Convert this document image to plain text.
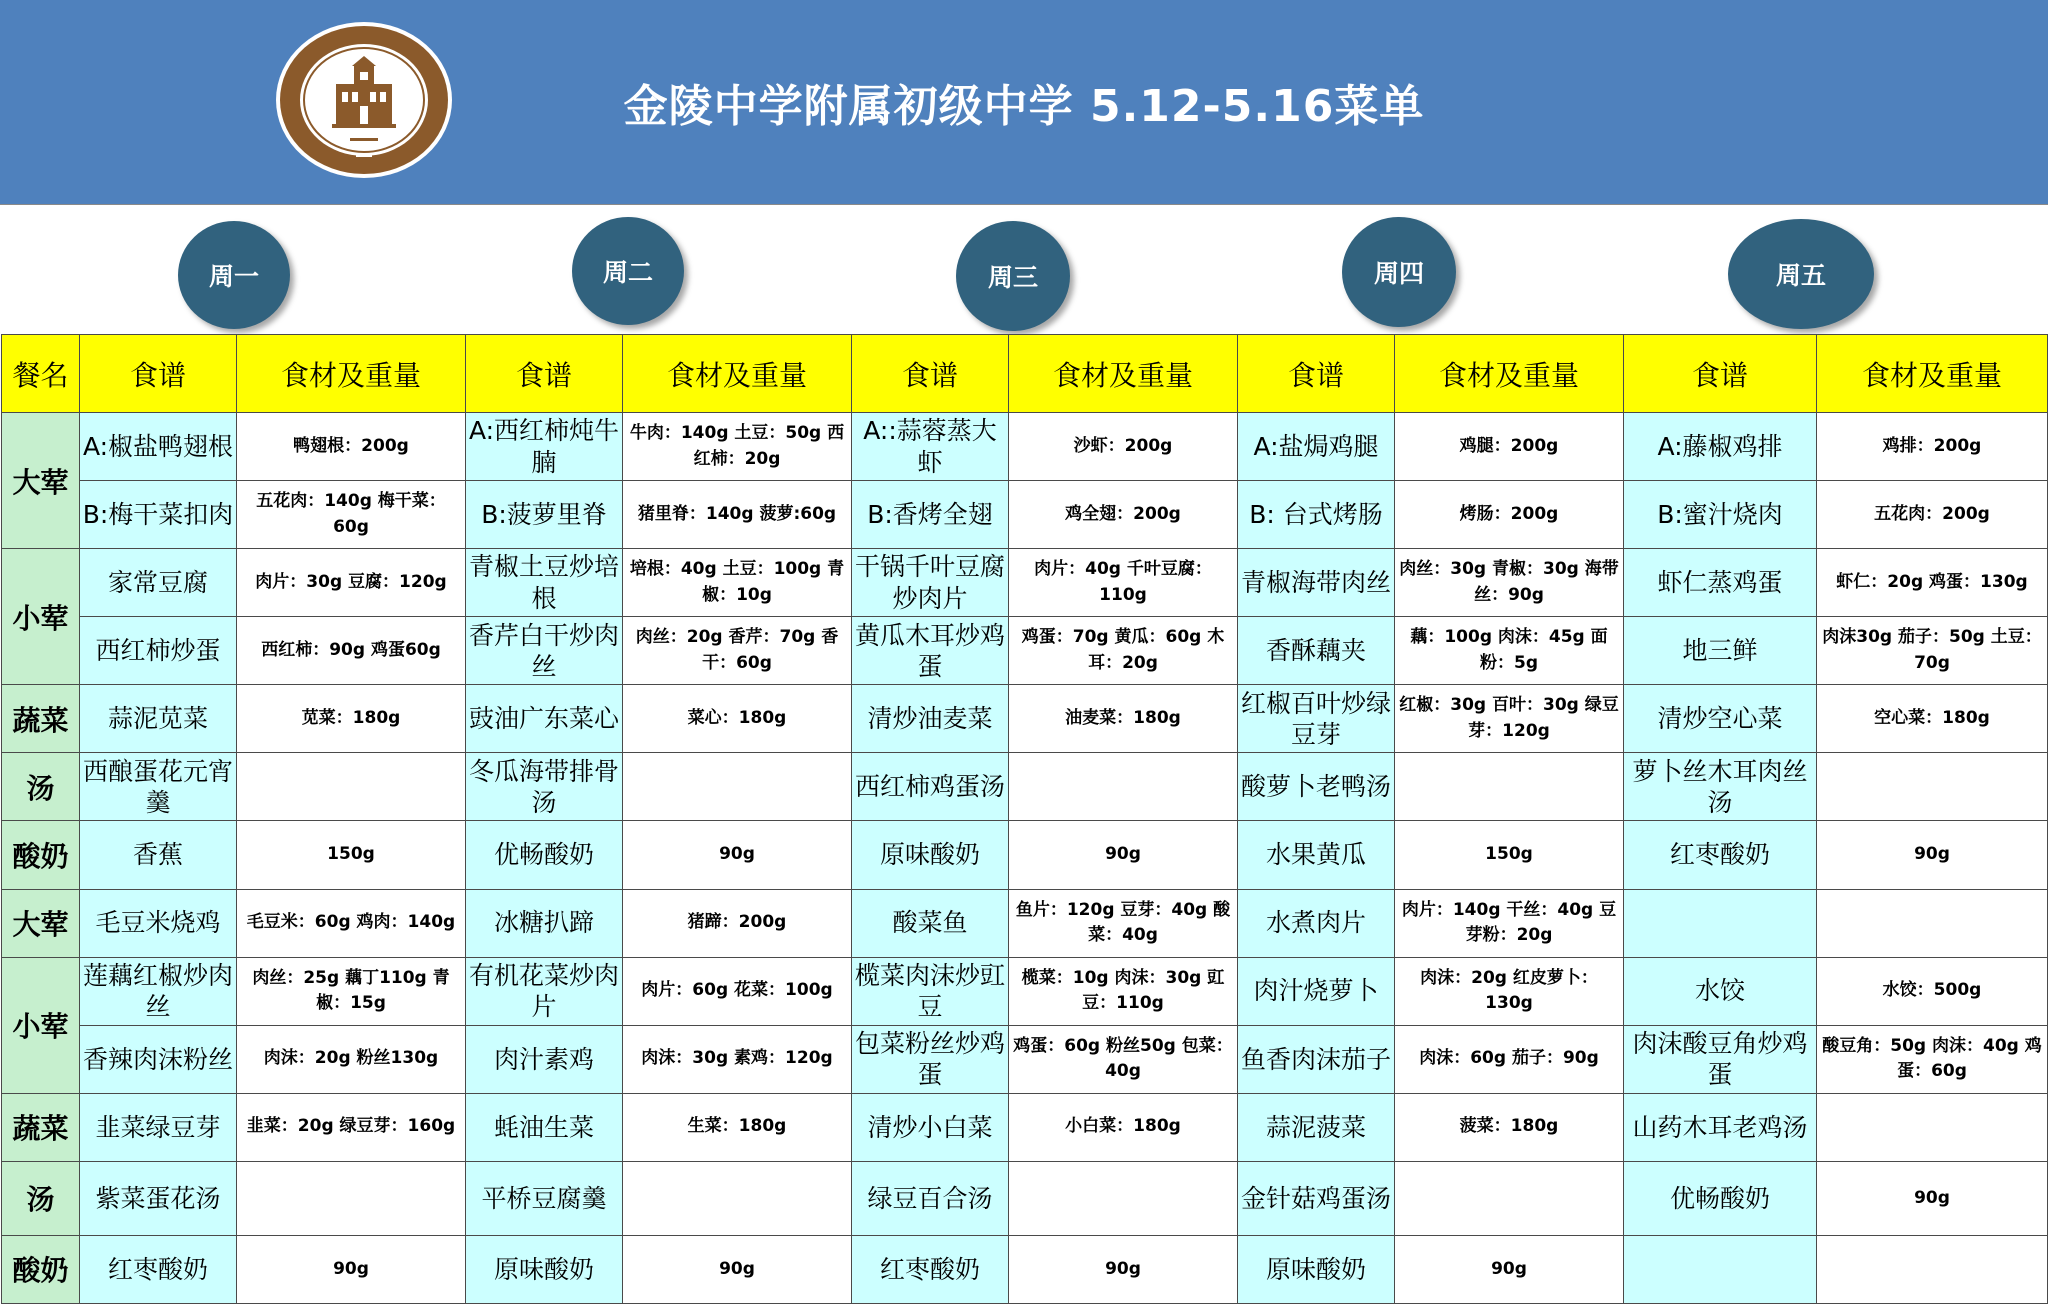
金陵中学附属初级中学 5.12-5.16菜单
周一	周二	周三	周四	周五
餐名	食谱	食材及重量	食谱	食材及重量	食谱	食材及重量	食谱	食材及重量	食谱	食材及重量
大荤	A:椒盐鸭翅根	鸭翅根：200g	A:西红柿炖牛腩	牛肉：140g 土豆：50g 西红柿：20g	A::蒜蓉蒸大虾	沙虾：200g	A:盐焗鸡腿	鸡腿：200g	A:藤椒鸡排	鸡排：200g
	B:梅干菜扣肉	五花肉：140g 梅干菜：60g	B:菠萝里脊	猪里脊：140g 菠萝:60g	B:香烤全翅	鸡全翅：200g	B: 台式烤肠	烤肠：200g	B:蜜汁烧肉	五花肉：200g
小荤	家常豆腐	肉片：30g 豆腐：120g	青椒土豆炒培根	培根：40g 土豆：100g 青椒：10g	干锅千叶豆腐炒肉片	肉片：40g 千叶豆腐：110g	青椒海带肉丝	肉丝：30g 青椒：30g 海带丝：90g	虾仁蒸鸡蛋	虾仁：20g 鸡蛋：130g
	西红柿炒蛋	西红柿：90g 鸡蛋60g	香芹白干炒肉丝	肉丝：20g 香芹：70g 香干：60g	黄瓜木耳炒鸡蛋	鸡蛋：70g 黄瓜：60g 木耳：20g	香酥藕夹	藕：100g 肉沫：45g 面粉：5g	地三鲜	肉沫30g 茄子：50g 土豆：70g
蔬菜	蒜泥苋菜	苋菜：180g	豉油广东菜心	菜心：180g	清炒油麦菜	油麦菜：180g	红椒百叶炒绿豆芽	红椒：30g 百叶：30g 绿豆芽：120g	清炒空心菜	空心菜：180g
汤	西酿蛋花元宵羹		冬瓜海带排骨汤		西红柿鸡蛋汤		酸萝卜老鸭汤		萝卜丝木耳肉丝汤	
酸奶	香蕉	150g	优畅酸奶	90g	原味酸奶	90g	水果黄瓜	150g	红枣酸奶	90g
大荤	毛豆米烧鸡	毛豆米：60g 鸡肉：140g	冰糖扒蹄	猪蹄：200g	酸菜鱼	鱼片：120g 豆芽：40g 酸菜：40g	水煮肉片	肉片：140g 干丝：40g 豆芽粉：20g		
小荤	莲藕红椒炒肉丝	肉丝：25g 藕丁110g 青椒：15g	有机花菜炒肉片	肉片：60g 花菜：100g	榄菜肉沫炒豇豆	榄菜：10g 肉沫：30g 豇豆：110g	肉汁烧萝卜	肉沫：20g 红皮萝卜：130g	水饺	水饺：500g
	香辣肉沫粉丝	肉沫：20g 粉丝130g	肉汁素鸡	肉沫：30g 素鸡：120g	包菜粉丝炒鸡蛋	鸡蛋：60g 粉丝50g 包菜：40g	鱼香肉沫茄子	肉沫：60g 茄子：90g	肉沫酸豆角炒鸡蛋	酸豆角：50g 肉沫：40g 鸡蛋：60g
蔬菜	韭菜绿豆芽	韭菜：20g 绿豆芽：160g	蚝油生菜	生菜：180g	清炒小白菜	小白菜：180g	蒜泥菠菜	菠菜：180g	山药木耳老鸡汤	
汤	紫菜蛋花汤		平桥豆腐羹		绿豆百合汤		金针菇鸡蛋汤		优畅酸奶	90g
酸奶	红枣酸奶	90g	原味酸奶	90g	红枣酸奶	90g	原味酸奶	90g		
